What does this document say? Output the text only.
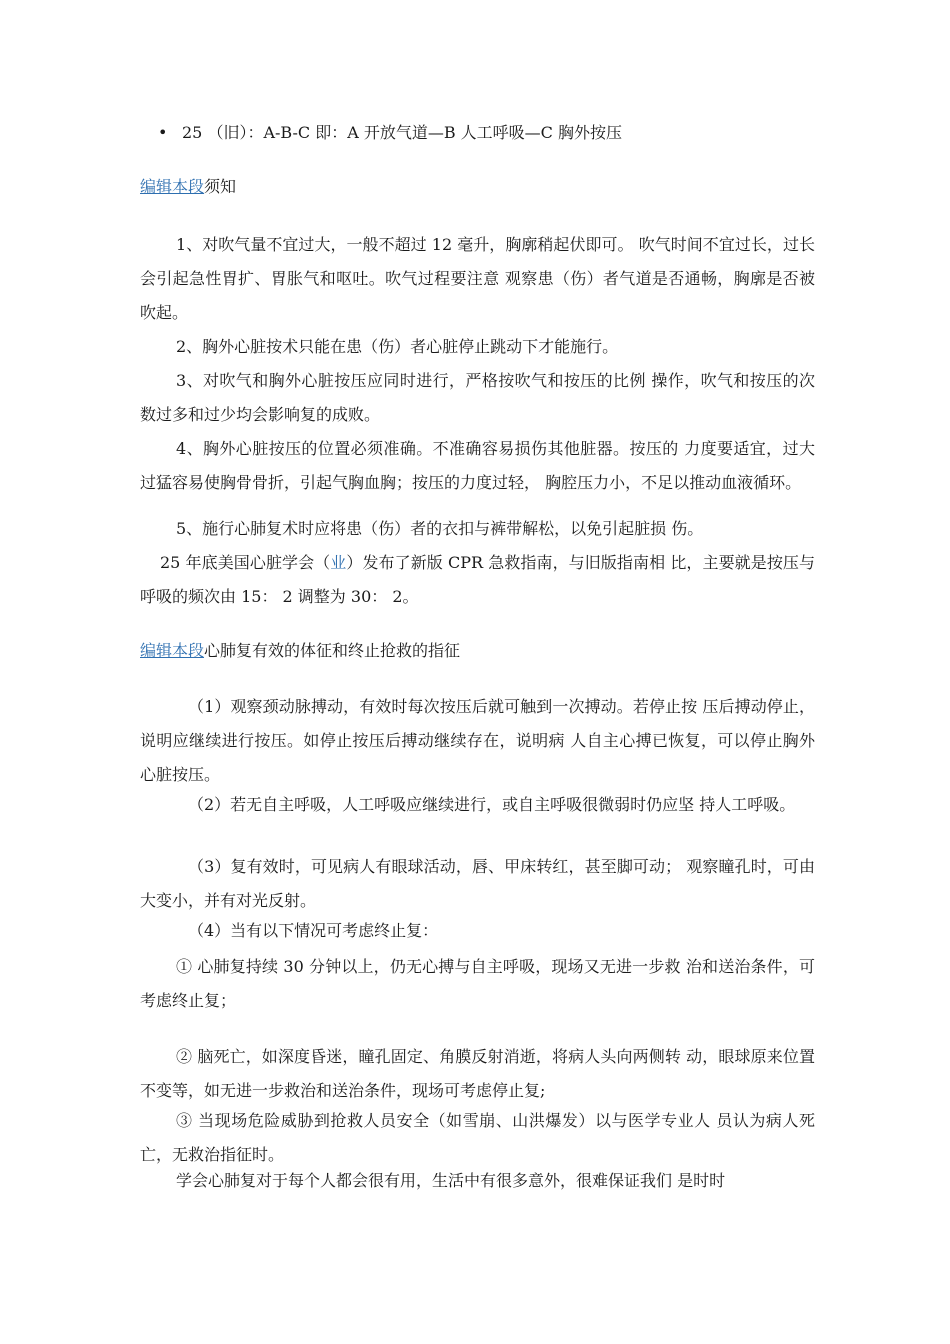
• 25 （旧）：A-B-C 即：A 开放气道—B 人工呼吸—C 胸外按压

编辑本段须知

1、对吹气量不宜过大，一般不超过 12 毫升，胸廓稍起伏即可。 吹气时间不宜过长，过长会引起急性胃扩、胃胀气和呕吐。吹气过程要注意 观察患（伤）者气道是否通畅，胸廓是否被吹起。

2、胸外心脏按术只能在患（伤）者心脏停止跳动下才能施行。

3、对吹气和胸外心脏按压应同时进行，严格按吹气和按压的比例 操作，吹气和按压的次数过多和过少均会影响复的成败。

4、胸外心脏按压的位置必须准确。不准确容易损伤其他脏器。按压的 力度要适宜，过大过猛容易使胸骨骨折，引起气胸血胸；按压的力度过轻， 胸腔压力小，不足以推动血液循环。

5、施行心肺复术时应将患（伤）者的衣扣与裤带解松，以免引起脏损 伤。

25 年底美国心脏学会（业）发布了新版 CPR 急救指南，与旧版指南相 比，主要就是按压与呼吸的频次由 15： 2 调整为 30： 2。

编辑本段心肺复有效的体征和终止抢救的指征

（1）观察颈动脉搏动，有效时每次按压后就可触到一次搏动。若停止按 压后搏动停止，说明应继续进行按压。如停止按压后搏动继续存在，说明病 人自主心搏已恢复，可以停止胸外心脏按压。

（2）若无自主呼吸，人工呼吸应继续进行，或自主呼吸很微弱时仍应坚 持人工呼吸。

（3）复有效时，可见病人有眼球活动，唇、甲床转红，甚至脚可动； 观察瞳孔时，可由大变小，并有对光反射。

（4）当有以下情况可考虑终止复：

① 心肺复持续 30 分钟以上，仍无心搏与自主呼吸，现场又无进一步救 治和送治条件，可考虑终止复；

② 脑死亡，如深度昏迷，瞳孔固定、角膜反射消逝，将病人头向两侧转 动，眼球原来位置不变等，如无进一步救治和送治条件，现场可考虑停止复;

③ 当现场危险威胁到抢救人员安全（如雪崩、山洪爆发）以与医学专业人 员认为病人死亡，无救治指征时。

学会心肺复对于每个人都会很有用，生活中有很多意外，很难保证我们 是时时
